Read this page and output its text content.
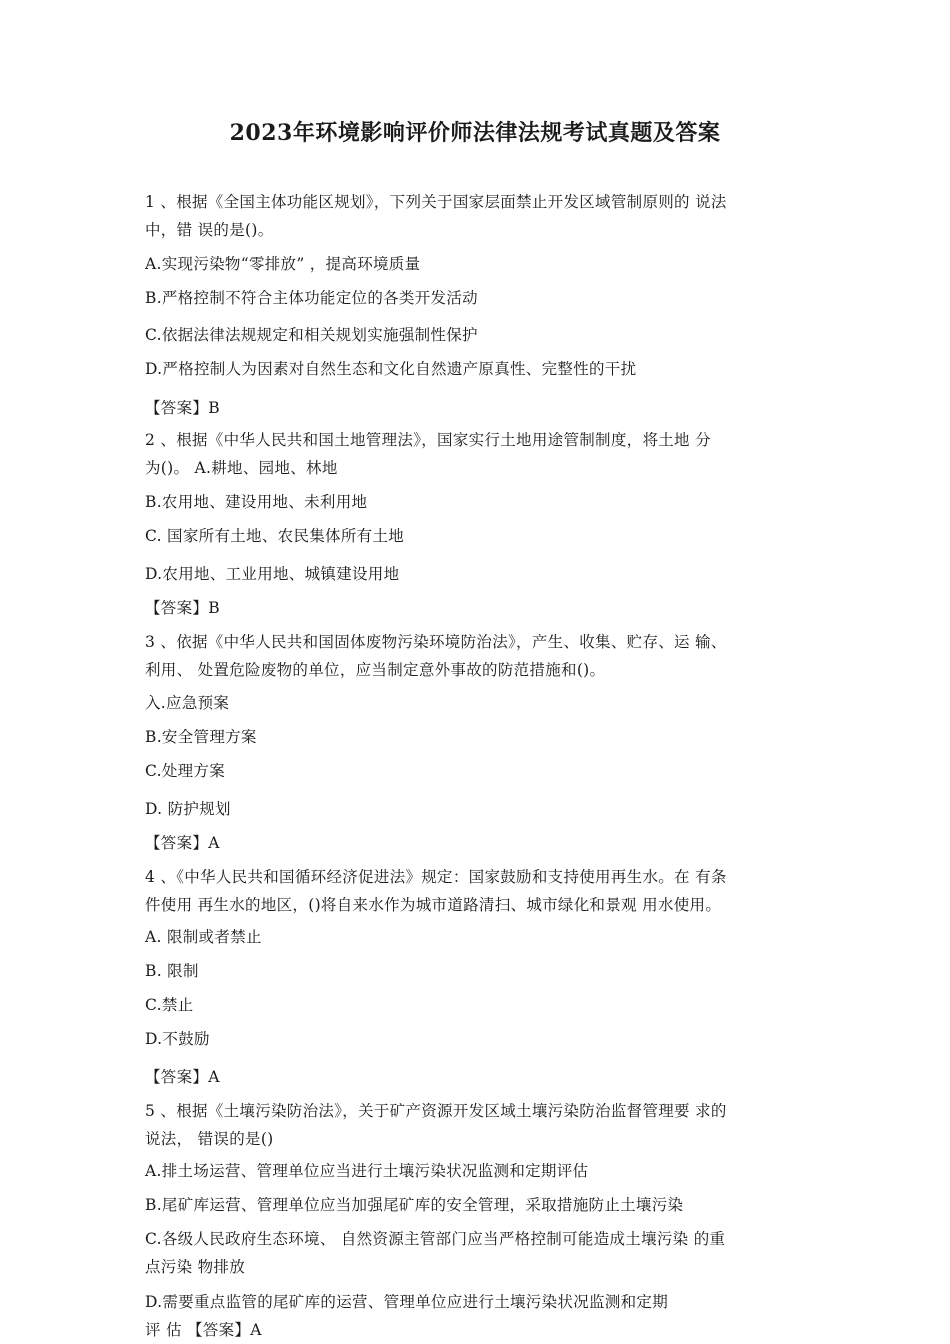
2023年环境影响评价师法律法规考试真题及答案
1 、根据《全国主体功能区规划》，下列关于国家层面禁止开发区域管制原则的 说法
中，错 误的是()。
A.实现污染物“零排放” ，提高环境质量
B.严格控制不符合主体功能定位的各类开发活动
C.依据法律法规规定和相关规划实施强制性保护
D.严格控制人为因素对自然生态和文化自然遗产原真性、完整性的干扰
【答案】B
2 、根据《中华人民共和国土地管理法》，国家实行土地用途管制制度，将土地 分
为()。 A.耕地、园地、林地
B.农用地、建设用地、未利用地
C. 国家所有土地、农民集体所有土地
D.农用地、工业用地、城镇建设用地
【答案】B
3 、依据《中华人民共和国固体废物污染环境防治法》，产生、收集、贮存、运 输、
利用、 处置危险废物的单位，应当制定意外事故的防范措施和()。
入.应急预案
B.安全管理方案
C.处理方案
D. 防护规划
【答案】A
4 、《中华人民共和国循环经济促进法》规定：国家鼓励和支持使用再生水。在 有条
件使用 再生水的地区，()将自来水作为城市道路清扫、城市绿化和景观 用水使用。
A. 限制或者禁止
B. 限制
C.禁止
D.不鼓励
【答案】A
5 、根据《土壤污染防治法》，关于矿产资源开发区域土壤污染防治监督管理要 求的
说法， 错误的是()
A.排土场运营、管理单位应当进行土壤污染状况监测和定期评估
B.尾矿库运营、管理单位应当加强尾矿库的安全管理，采取措施防止土壤污染
C.各级人民政府生态环境、 自然资源主管部门应当严格控制可能造成土壤污染 的重
点污染 物排放
D.需要重点监管的尾矿库的运营、管理单位应进行土壤污染状况监测和定期
评 估 【答案】A
